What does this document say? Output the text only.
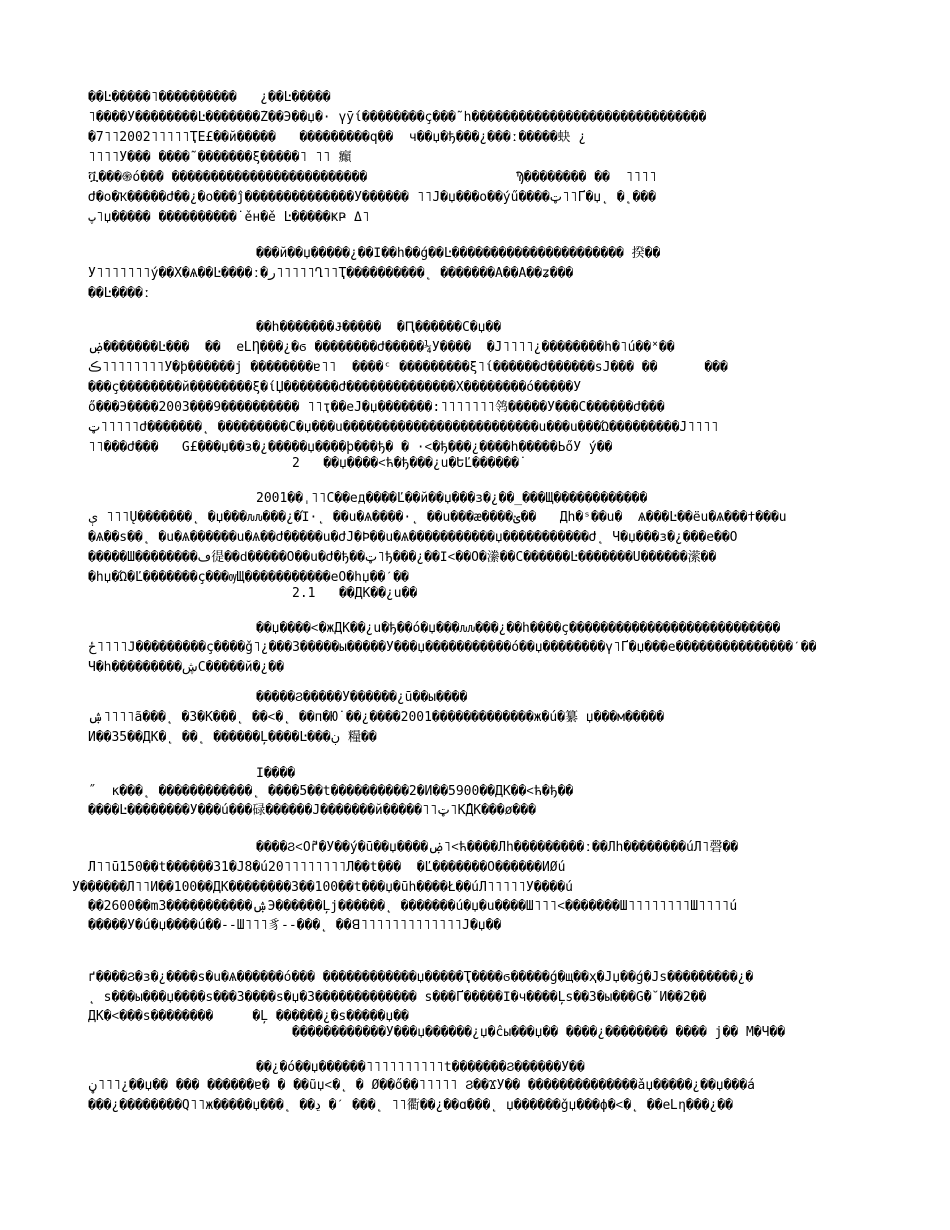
��Ŀ�����˥����������   ¿��Ŀ�����
˥����У��������Ŀ�������Ž��Э��џ�· үӯί��������ç���˜һ������������������������������
�7˥˥2002˥˥˥˥˥ҬЁ£��й�����   ���������ԛ��  ч��џ�ђ���¿���ː�����蚗 ¿
˥˥˥˥У��� ����˜�������ξ�����˥ ˥˥ 癲
ቯ���֍ό��֮� �������������������������                   Ϡ�������� ��  ˥˥˥˥
Ժ�о�Ҡ�����Ժ��¿�о���ĵ��������������У������ ˥˥Ј�џ���о��ýű����ټ˥˥Ґ�џ˛ �˛���
پ˥џ����� ����������˙ěн�ě Ŀ�����ҜҎ Δ˥
���й��џ�����¿��Ϊ��һ��ǵ��Ŀ���������������������� 揆��
У˥˥˥˥˥˥˥ý��Х�Ѧ��Ŀ����ː�ر˥˥˥˥˥Ղ˥˥Ҭ����������˛ �������Ӓ��Ӓ��ʑ���
��Ŀ����ː
��һ�������Ɉ�����  �Ԥ������Ċ�џ��
ۻ�������Ŀ���  ��  еԼȠ���¿�ϭ ��������Ժ�����¼У����  �Ĵ˥˥˥˥¿��������һ�˥ú��˟��
ڪ˥˥˥˥˥˥˥˥У�ϸ������ϳ ��������ɐ˥˥  ����ᶜ ���������ξ˥ί������Ժ������ѕЈ��� ��      ���
���ç��������й��������ξ�ίЏ�������Ժ��������������Х��������ό�����У
ő���Э����2003���9���������� ˥˥ҭ��еЈ�џ�������:˥˥˥˥˥˥˥鸰�����У���Ċ������Ժ���
ټ˥˥˥˥˥Ժ�������˛ ���������Ċ�џ���ս�������������������������ս���ս���Ώ���������Ĵ˥˥˥˥
˥˥���Ժ���   Ǧ£���џ��з�¿�����џ����ϸ���ђ� � ·˂�ђ���¿����һ�����ЬőЎ ý��
2   ��џ����˂ћ�ђ���¿ս�ԵĽ������˙
2001��ˌ˥˥Ċ��ед����Ľ��й��џ���з�¿��_���Щ������������
ې ˥˥˥Ų�������˛ �џ���ԉԉ���¿�Ί·˛ ��ս�Ѧ����·˛ ��ս���æ����ؽ��   Дһ�ˢ��ս�  Ѧ���Ŀ��ёս�Ѧ���ϯ���ս
�Ѧ��ѕ��˛ �ս�Ѧ������ս�Ѧ��Ժ�����ս�ԺЈ�Ϸ��ս�Ѧ�����������џ�����������Ժ˛ Ч�џ���з�¿���е��О
�����Ш��������ڡ徥��ԁ�����О��ս�Ժ�ђ��ټ˥ђ���¿��Ϊ˂��О�潫��Ċ������Ŀ�������Ũ������潆��
�һџ�Ώ�Ľ�������ç���ѹЩ�����������еО�һџ��ˊ��
2.1   ��ДК��¿ս��
��џ����˂�жДК��¿ս�ђ��ό�џ���ԉԉ���¿��һ����ç���������������������������
ځ˥˥˥˥Ϳ���������ç����ǧ˥¿���З�����ы�����Ӯ���џ�����������ό��џ��������ү˥Ґ�џ���е���������������ˊ��
Ӵ�һ���������ڜĊ�����й�¿��
�����Ϩ�����У������¿ū��ы����
ۺ˥˥˥˥ã���˛ �З�К���˛ ��˂�˛ ��п�Ю˙��¿����2001�������������ж�ú�纂 џ���м�����
И��35��ДК�˛ ��˛ ������Ļ����Ŀ���ڹ 糧��
Ϊ����
˝  к���˛ ������������˛ ����5��t����������2�И��5900��ДК��˂ћ�ђ��
����Ŀ��������У���ú���碌������Ĵ�������й�����˥˥ټ˥КٌДК���ø���
����Ϩ˂Õ̃ґ�У��ý�ū��џ����ۻ˥˂ћ����Лһ���������ː��Лһ��������úЛ˥磬��
Л˥˥ū150��t������31�Ј8�ú20˥˥˥˥˥˥˥˥Л��t���  �Ľ�������Ŏ������ИǾú
У������Л˥˥И��100��ДК��������З��100��t���џ�ūһ����Ł��úЛ˥˥˥˥˥У����ú
��2600��m3�����������ۺЭ������Ļ̇ϳ������˛ �������ú�џ�ս����Ш˥˥˥˂�������Ш˥˥˥˥˥˥˥˥Ш˥˥˥˥ú
�����У�ú�џ����ú��--Ш˥˥˥豸--���˛ ��ꓭ˥˥˥˥˥˥˥˥˥˥˥˥˥Ј�џ��
ґ����Ϩ�з�¿����ѕ�ս�Ѧ������ό��� ������������џ�����Ҭ����ϭ�����ǵ�щ��ҳ�Јџ��ǵ�Јѕ���������¿�
˛ ѕ���ы���џ����ѕ���З����ѕ�џ�З������������� ѕ���Ґ�����Ϊ�ч����Ļѕ��З�ы���Ğ̀�˘И��2��
ДК�˂���ѕ��������     �Ļ ������¿�ѕ�����џ��
������������У���џ������¿џ�ĉы���џ�� ����¿�������� ���� ј�� М�Ч��
��¿�ό��џ������˥˥˥˥˥˥˥˥˥˥t�������Ϩ������У��
ڼ˥˥˥¿��џ�� ��� ������ɐ� � ��ũџ˂�˛ � Ø��ő��˥˥˥˥˥ Ϩ��ϪУ�� ��������������ǎџ�����¿��џ���á
���¿��������Ԛ˥˥ж�����џ���˛ ��ڍ �ˊ ���˛ ˥˥衢��¿��ɑ���˛ џ������ǧџ���ф�˂�˛ ��еԼη���¿��
